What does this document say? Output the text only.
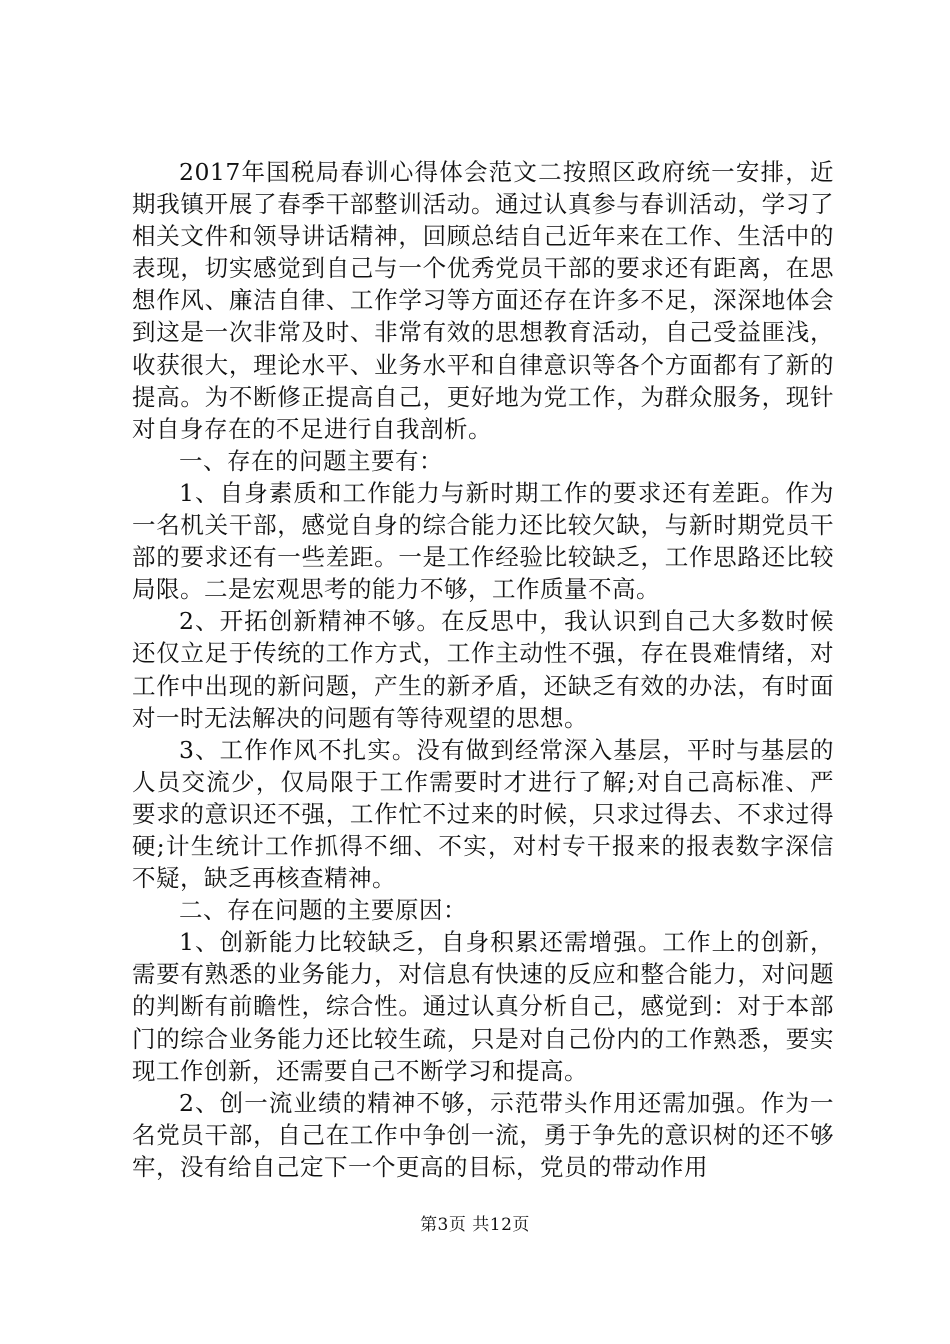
2017年国税局春训心得体会范文二按照区政府统一安排，近期我镇开展了春季干部整训活动。通过认真参与春训活动，学习了相关文件和领导讲话精神，回顾总结自己近年来在工作、生活中的表现，切实感觉到自己与一个优秀党员干部的要求还有距离，在思想作风、廉洁自律、工作学习等方面还存在许多不足，深深地体会到这是一次非常及时、非常有效的思想教育活动，自己受益匪浅，收获很大，理论水平、业务水平和自律意识等各个方面都有了新的提高。为不断修正提高自己，更好地为党工作，为群众服务，现针对自身存在的不足进行自我剖析。

一、存在的问题主要有：

1、自身素质和工作能力与新时期工作的要求还有差距。作为一名机关干部，感觉自身的综合能力还比较欠缺，与新时期党员干部的要求还有一些差距。一是工作经验比较缺乏，工作思路还比较局限。二是宏观思考的能力不够，工作质量不高。

2、开拓创新精神不够。在反思中，我认识到自己大多数时候还仅立足于传统的工作方式，工作主动性不强，存在畏难情绪，对工作中出现的新问题，产生的新矛盾，还缺乏有效的办法，有时面对一时无法解决的问题有等待观望的思想。

3、工作作风不扎实。没有做到经常深入基层，平时与基层的人员交流少，仅局限于工作需要时才进行了解;对自己高标准、严要求的意识还不强，工作忙不过来的时候，只求过得去、不求过得硬;计生统计工作抓得不细、不实，对村专干报来的报表数字深信不疑，缺乏再核查精神。

二、存在问题的主要原因：

1、创新能力比较缺乏，自身积累还需增强。工作上的创新，需要有熟悉的业务能力，对信息有快速的反应和整合能力，对问题的判断有前瞻性，综合性。通过认真分析自己，感觉到：对于本部门的综合业务能力还比较生疏，只是对自己份内的工作熟悉，要实现工作创新，还需要自己不断学习和提高。

2、创一流业绩的精神不够，示范带头作用还需加强。作为一名党员干部，自己在工作中争创一流，勇于争先的意识树的还不够牢，没有给自己定下一个更高的目标，党员的带动作用

第3页 共12页
